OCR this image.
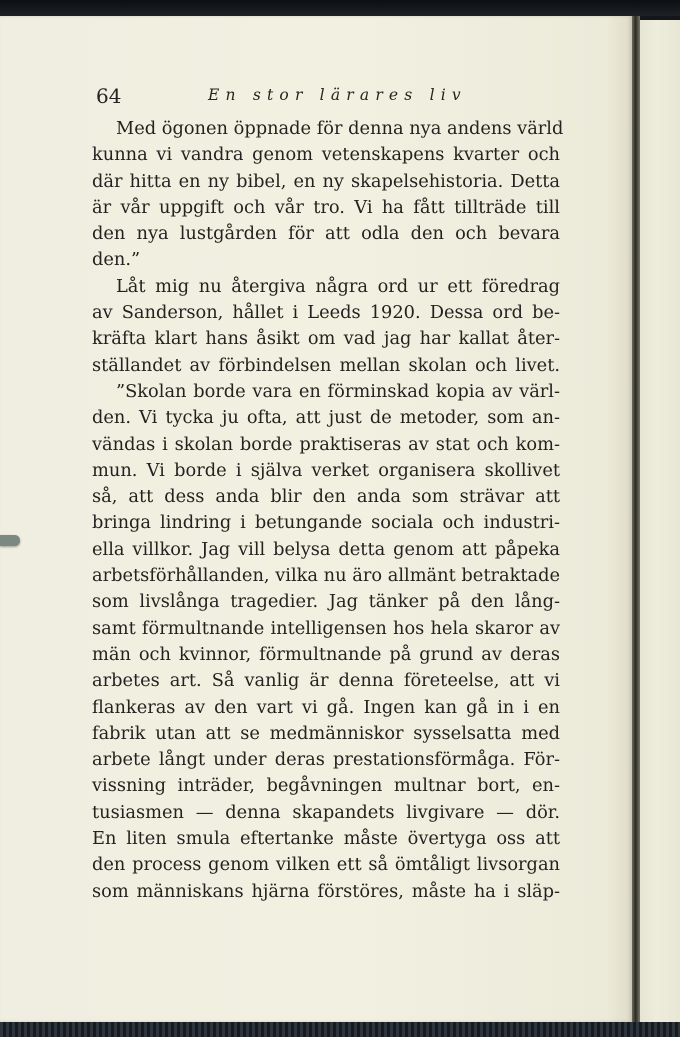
64	En stor lärares liv
Med ögonen öppnade för denna nya andens värld
kunna vi vandra genom vetenskapens kvarter och
där hitta en ny bibel, en ny skapelsehistoria. Detta
är vår uppgift och vår tro. Vi ha fått tillträde till
den nya lustgården för att odla den och bevara
den.”
Låt mig nu återgiva några ord ur ett föredrag
av Sanderson, hållet i Leeds 1920. Dessa ord be-
kräfta klart hans åsikt om vad jag har kallat åter-
ställandet av förbindelsen mellan skolan och livet.
”Skolan borde vara en förminskad kopia av värl-
den. Vi tycka ju ofta, att just de metoder, som an-
vändas i skolan borde praktiseras av stat och kom-
mun. Vi borde i själva verket organisera skollivet
så, att dess anda blir den anda som strävar att
bringa lindring i betungande sociala och industri-
ella villkor. Jag vill belysa detta genom att påpeka
arbetsförhållanden, vilka nu äro allmänt betraktade
som livslånga tragedier. Jag tänker på den lång-
samt förmultnande intelligensen hos hela skaror av
män och kvinnor, förmultnande på grund av deras
arbetes art. Så vanlig är denna företeelse, att vi
flankeras av den vart vi gå. Ingen kan gå in i en
fabrik utan att se medmänniskor sysselsatta med
arbete långt under deras prestationsförmåga. För-
vissning inträder, begåvningen multnar bort, en-
tusiasmen — denna skapandets livgivare — dör.
En liten smula eftertanke måste övertyga oss att
den process genom vilken ett så ömtåligt livsorgan
som människans hjärna förstöres, måste ha i släp-
